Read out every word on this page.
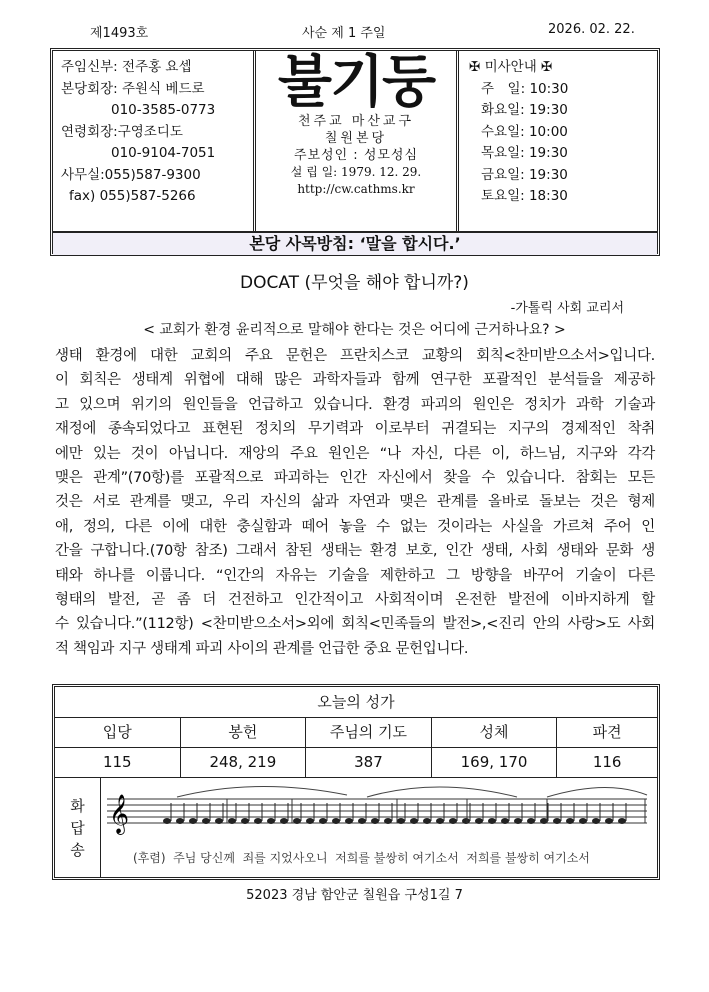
제1493호	사순 제 1 주일	2026. 02. 22.
주임신부: 전주홍 요셉
본당회장: 주원식 베드로
010-3585-0773
연령회장:구영조디도
010-9104-7051
사무실:055)587-9300
fax) 055)587-5266
불기둥
천주교 마산교구
칠원본당
주보성인 : 성모성심
설 립 일: 1979. 12. 29.
http://cw.cathms.kr
✠ 미사안내 ✠
주　일: 10:30
화요일: 19:30
수요일: 10:00
목요일: 19:30
금요일: 19:30
토요일: 18:30
본당 사목방침: ‘말을 합시다.’
DOCAT (무엇을 해야 합니까?)
-가톨릭 사회 교리서
< 교회가 환경 윤리적으로 말해야 한다는 것은 어디에 근거하나요? >
생태 환경에 대한 교회의 주요 문헌은 프란치스코 교황의 회칙<찬미받으소서>입니다.
이 회칙은 생태계 위협에 대해 많은 과학자들과 함께 연구한 포괄적인 분석들을 제공하
고 있으며 위기의 원인들을 언급하고 있습니다. 환경 파괴의 원인은 정치가 과학 기술과
재정에 종속되었다고 표현된 정치의 무기력과 이로부터 귀결되는 지구의 경제적인 착취
에만 있는 것이 아닙니다. 재앙의 주요 원인은 “나 자신, 다른 이, 하느님, 지구와 각각
맺은 관계”(70항)를 포괄적으로 파괴하는 인간 자신에서 찾을 수 있습니다. 참회는 모든
것은 서로 관계를 맺고, 우리 자신의 삶과 자연과 맺은 관계를 올바로 돌보는 것은 형제
애, 정의, 다른 이에 대한 충실함과 떼어 놓을 수 없는 것이라는 사실을 가르쳐 주어 인
간을 구합니다.(70항 참조) 그래서 참된 생태는 환경 보호, 인간 생태, 사회 생태와 문화 생
태와 하나를 이룹니다. “인간의 자유는 기술을 제한하고 그 방향을 바꾸어 기술이 다른
형태의 발전, 곧 좀 더 건전하고 인간적이고 사회적이며 온전한 발전에 이바지하게 할
수 있습니다.”(112항) <찬미받으소서>외에 회칙<민족들의 발전>,<진리 안의 사랑>도 사회
적 책임과 지구 생태계 파괴 사이의 관계를 언급한 중요 문헌입니다.
오늘의 성가
입당	봉헌	주님의 기도	성체	파견
115	248, 219	387	169, 170	116
화답송
𝄞
(후렴)  주님 당신께  죄를 지었사오니  저희를 불쌍히 여기소서  저희를 불쌍히 여기소서
52023 경남 함안군 칠원읍 구성1길 7
